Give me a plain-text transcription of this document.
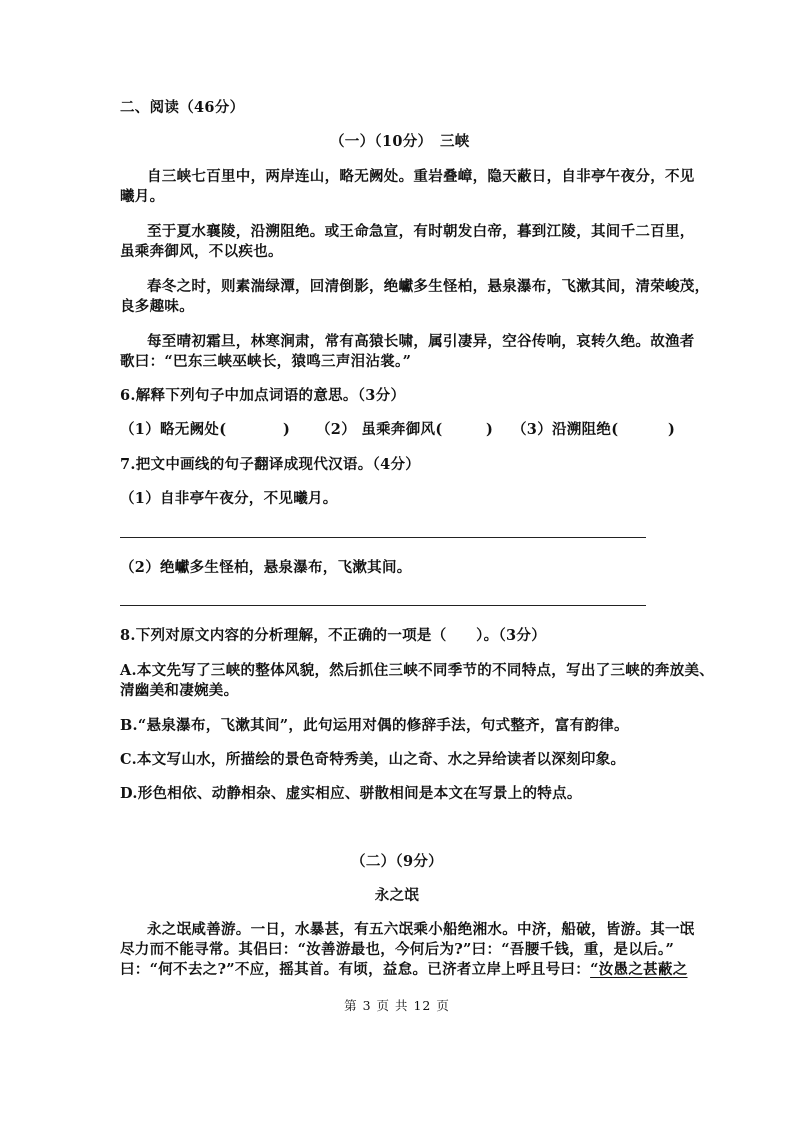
二、阅读（46分）
（一）（10分） 三峡
自三峡七百里中，两岸连山，略无阙处。重岩叠嶂，隐天蔽日，自非亭午夜分，不见
曦月。
至于夏水襄陵，沿溯阻绝。或王命急宣，有时朝发白帝，暮到江陵，其间千二百里，
虽乘奔御风，不以疾也。
春冬之时，则素湍绿潭，回清倒影，绝巘多生怪柏，悬泉瀑布，飞漱其间，清荣峻茂，
良多趣味。
每至晴初霜旦，林寒涧肃，常有高猿长啸，属引凄异，空谷传响，哀转久绝。故渔者
歌曰：“巴东三峡巫峡长，猿鸣三声泪沾裳。”
6.解释下列句子中加点词语的意思。（3分）
（1）略无阙处(	) （2） 虽乘奔御风(	) （3）沿溯阻绝(	)
7.把文中画线的句子翻译成现代汉语。（4分）
（1）自非亭午夜分，不见曦月。
（2）绝巘多生怪柏，悬泉瀑布，飞漱其间。
8.下列对原文内容的分析理解，不正确的一项是（　　）。（3分）
A.本文先写了三峡的整体风貌，然后抓住三峡不同季节的不同特点，写出了三峡的奔放美、
清幽美和凄婉美。
B.“悬泉瀑布，飞漱其间”，此句运用对偶的修辞手法，句式整齐，富有韵律。
C.本文写山水，所描绘的景色奇特秀美，山之奇、水之异给读者以深刻印象。
D.形色相依、动静相杂、虚实相应、骈散相间是本文在写景上的特点。
（二）（9分）
永之氓
永之氓咸善游。一日，水暴甚，有五六氓乘小船绝湘水。中济，船破，皆游。其一氓
尽力而不能寻常。其侣曰：“汝善游最也，今何后为?”曰：“吾腰千钱，重，是以后。”
曰：“何不去之?”不应，摇其首。有顷，益怠。已济者立岸上呼且号曰：“汝愚之甚蔽之
第 3 页 共 12 页
